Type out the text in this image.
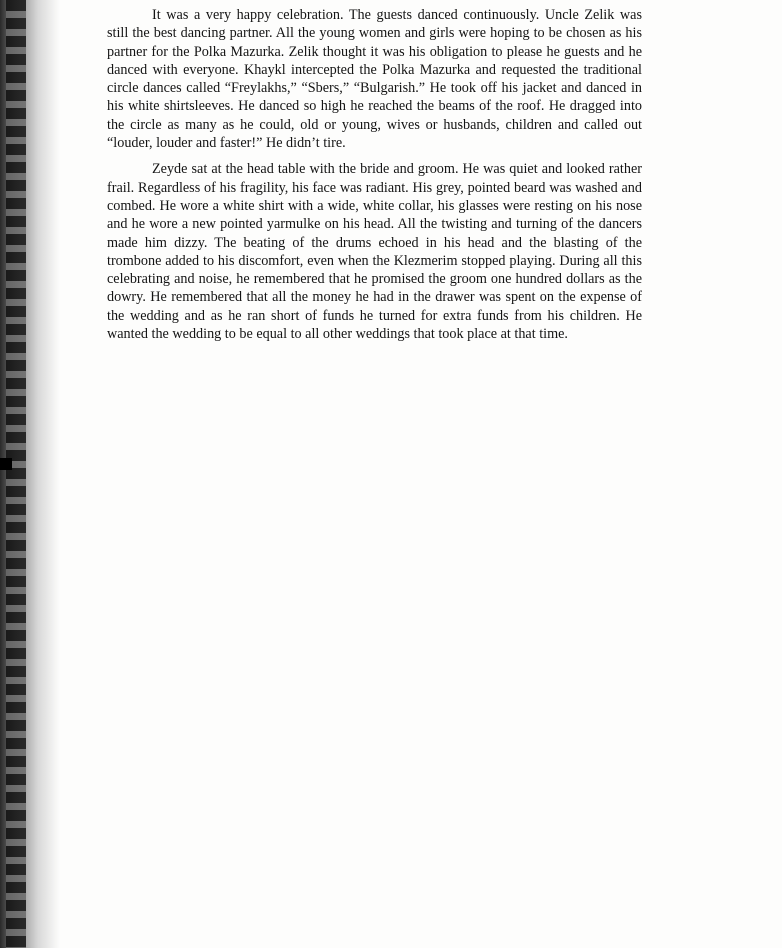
It was a very happy celebration. The guests danced continuously. Uncle Zelik was still the best dancing partner. All the young women and girls were hoping to be chosen as his partner for the Polka Mazurka. Zelik thought it was his obligation to please he guests and he danced with everyone. Khaykl intercepted the Polka Mazurka and requested the traditional circle dances called “Freylakhs,” “Sbers,” “Bulgarish.” He took off his jacket and danced in his white shirtsleeves. He danced so high he reached the beams of the roof. He dragged into the circle as many as he could, old or young, wives or husbands, children and called out “louder, louder and faster!” He didn’t tire.

Zeyde sat at the head table with the bride and groom. He was quiet and looked rather frail. Regardless of his fragility, his face was radiant. His grey, pointed beard was washed and combed. He wore a white shirt with a wide, white collar, his glasses were resting on his nose and he wore a new pointed yarmulke on his head. All the twisting and turning of the dancers made him dizzy. The beating of the drums echoed in his head and the blasting of the trombone added to his discomfort, even when the Klezmerim stopped playing. During all this celebrating and noise, he remembered that he promised the groom one hundred dollars as the dowry. He remembered that all the money he had in the drawer was spent on the expense of the wedding and as he ran short of funds he turned for extra funds from his children. He wanted the wedding to be equal to all other weddings that took place at that time.
